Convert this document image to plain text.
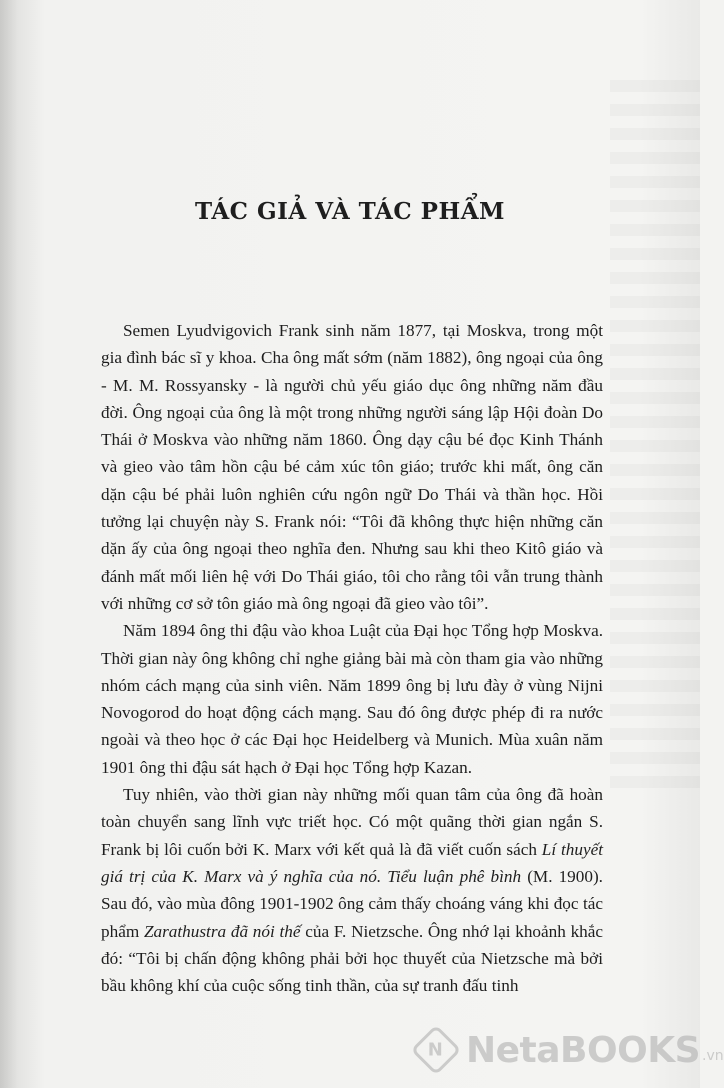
TÁC GIẢ VÀ TÁC PHẨM

Semen Lyudvigovich Frank sinh năm 1877, tại Moskva, trong một gia đình bác sĩ y khoa. Cha ông mất sớm (năm 1882), ông ngoại của ông - M. M. Rossyansky - là người chủ yếu giáo dục ông những năm đầu đời. Ông ngoại của ông là một trong những người sáng lập Hội đoàn Do Thái ở Moskva vào những năm 1860. Ông dạy cậu bé đọc Kinh Thánh và gieo vào tâm hồn cậu bé cảm xúc tôn giáo; trước khi mất, ông căn dặn cậu bé phải luôn nghiên cứu ngôn ngữ Do Thái và thần học. Hồi tưởng lại chuyện này S. Frank nói: “Tôi đã không thực hiện những căn dặn ấy của ông ngoại theo nghĩa đen. Nhưng sau khi theo Kitô giáo và đánh mất mối liên hệ với Do Thái giáo, tôi cho rằng tôi vẫn trung thành với những cơ sở tôn giáo mà ông ngoại đã gieo vào tôi”.

Năm 1894 ông thi đậu vào khoa Luật của Đại học Tổng hợp Moskva. Thời gian này ông không chỉ nghe giảng bài mà còn tham gia vào những nhóm cách mạng của sinh viên. Năm 1899 ông bị lưu đày ở vùng Nijni Novogorod do hoạt động cách mạng. Sau đó ông được phép đi ra nước ngoài và theo học ở các Đại học Heidelberg và Munich. Mùa xuân năm 1901 ông thi đậu sát hạch ở Đại học Tổng hợp Kazan.

Tuy nhiên, vào thời gian này những mối quan tâm của ông đã hoàn toàn chuyển sang lĩnh vực triết học. Có một quãng thời gian ngắn S. Frank bị lôi cuốn bởi K. Marx với kết quả là đã viết cuốn sách Lí thuyết giá trị của K. Marx và ý nghĩa của nó. Tiểu luận phê bình (M. 1900). Sau đó, vào mùa đông 1901-1902 ông cảm thấy choáng váng khi đọc tác phẩm Zarathustra đã nói thế của F. Nietzsche. Ông nhớ lại khoảnh khắc đó: “Tôi bị chấn động không phải bởi học thuyết của Nietzsche mà bởi bầu không khí của cuộc sống tinh thần, của sự tranh đấu tinh

N NetaBOOKS .vn
